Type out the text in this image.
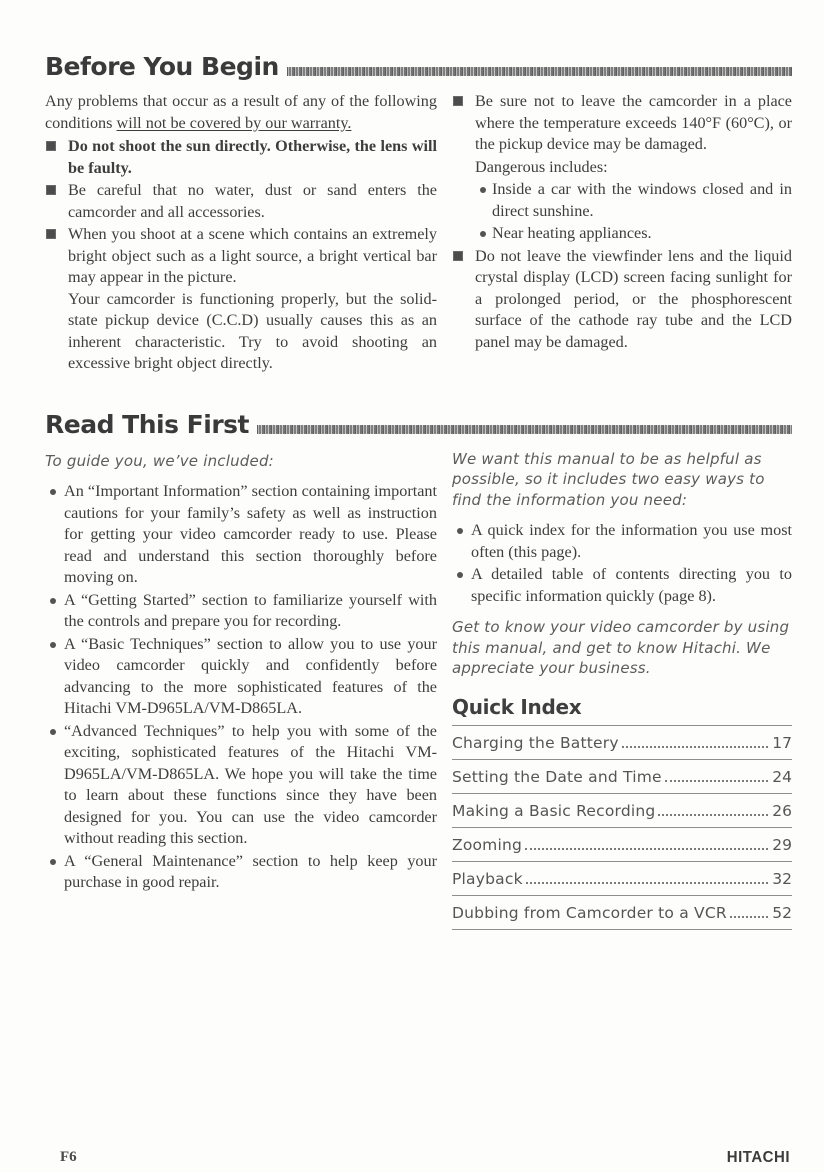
Before You Begin

Any problems that occur as a result of any of the following conditions will not be covered by our warranty.

Do not shoot the sun directly. Otherwise, the lens will be faulty.
Be careful that no water, dust or sand enters the camcorder and all accessories.
When you shoot at a scene which contains an extremely bright object such as a light source, a bright vertical bar may appear in the picture.
Your camcorder is functioning properly, but the solid-state pickup device (C.C.D) usually causes this as an inherent characteristic. Try to avoid shooting an excessive bright object directly.
Be sure not to leave the camcorder in a place where the temperature exceeds 140°F (60°C), or the pickup device may be damaged.
Dangerous includes:
Inside a car with the windows closed and in direct sunshine.
Near heating appliances.
Do not leave the viewfinder lens and the liquid crystal display (LCD) screen facing sunlight for a prolonged period, or the phosphorescent surface of the cathode ray tube and the LCD panel may be damaged.
Read This First

To guide you, we’ve included:

An “Important Information” section containing important cautions for your family’s safety as well as instruction for getting your video camcorder ready to use. Please read and understand this section thoroughly before moving on.
A “Getting Started” section to familiarize yourself with the controls and prepare you for recording.
A “Basic Techniques” section to allow you to use your video camcorder quickly and confidently before advancing to the more sophisticated features of the Hitachi VM-D965LA/VM-D865LA.
“Advanced Techniques” to help you with some of the exciting, sophisticated features of the Hitachi VM-D965LA/VM-D865LA. We hope you will take the time to learn about these functions since they have been designed for you. You can use the video camcorder without reading this section.
A “General Maintenance” section to help keep your purchase in good repair.

We want this manual to be as helpful as possible, so it includes two easy ways to find the information you need:

A quick index for the information you use most often (this page).
A detailed table of contents directing you to specific information quickly (page 8).

Get to know your video camcorder by using this manual, and get to know Hitachi. We appreciate your business.

Quick Index
Charging the Battery	17
Setting the Date and Time	24
Making a Basic Recording	26
Zooming	29
Playback	32
Dubbing from Camcorder to a VCR	52
F6	HITACHI
